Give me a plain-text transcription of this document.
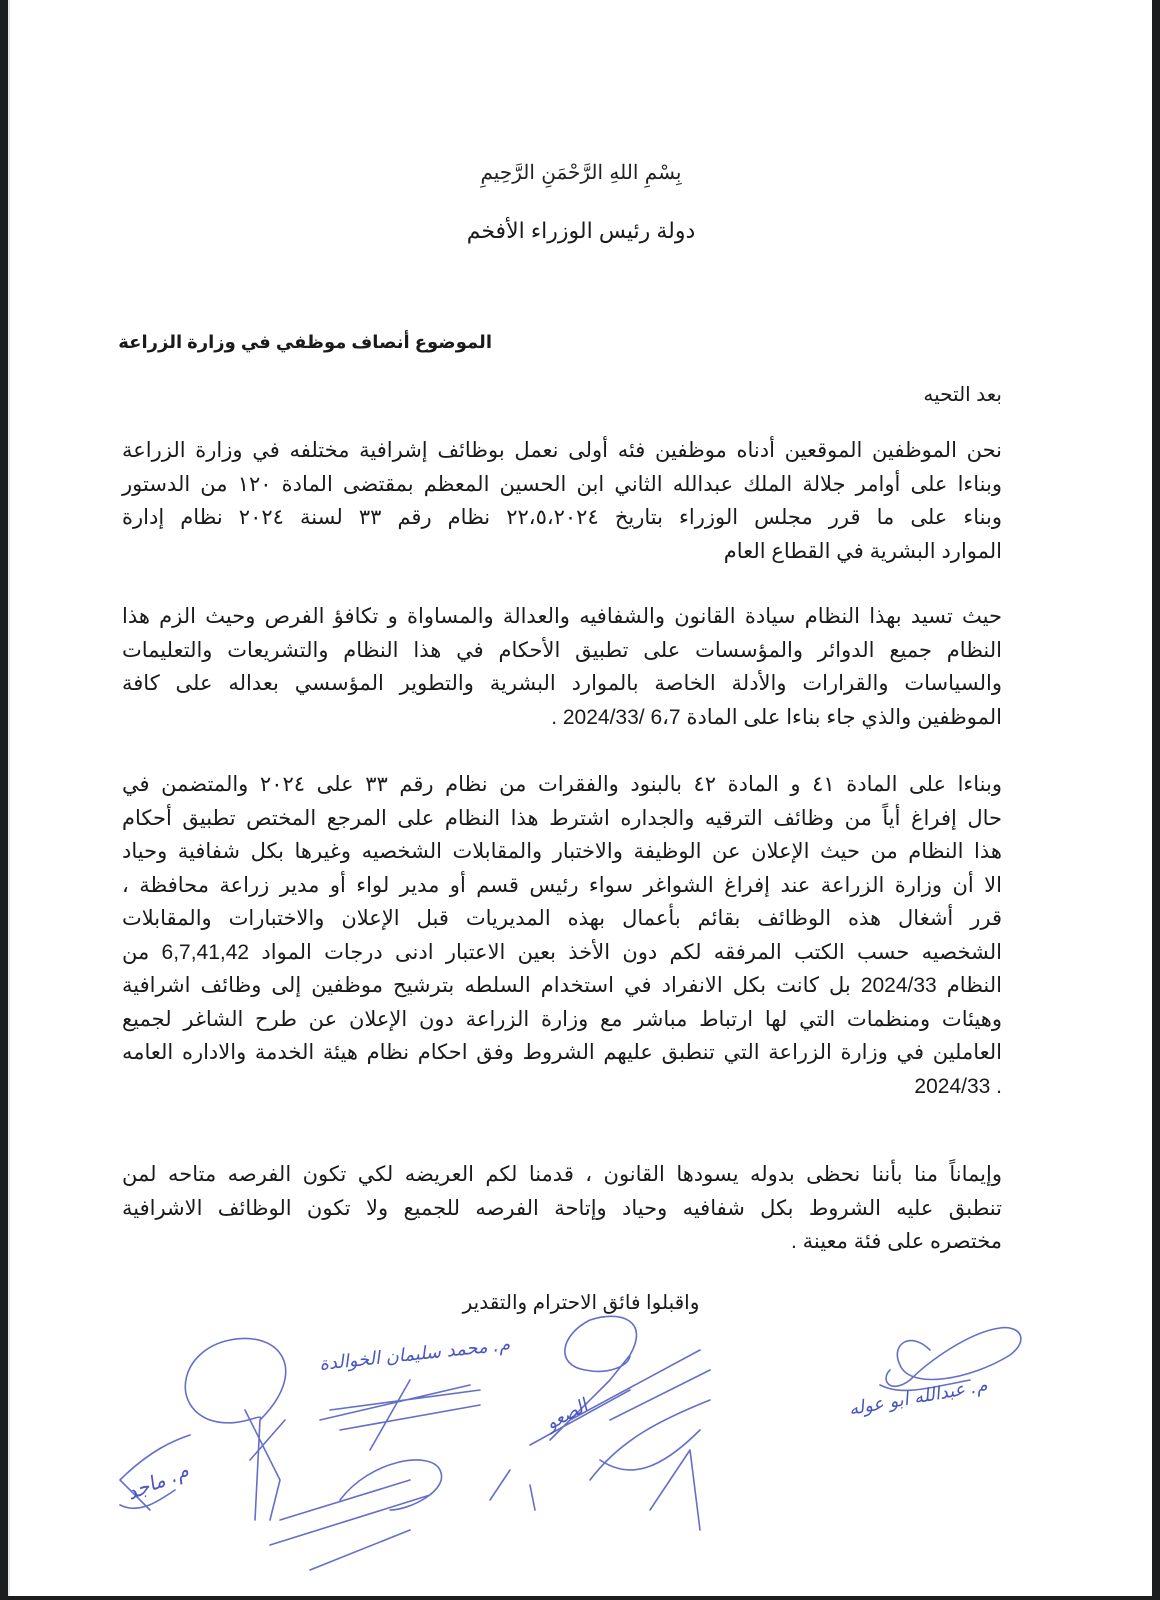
بِسْمِ اللهِ الرَّحْمَنِ الرَّحِيمِ
دولة رئيس الوزراء الأفخم
الموضوع أنصاف موظفي في وزارة الزراعة
بعد التحيه
نحن الموظفين الموقعين أدناه موظفين فئه أولى نعمل بوظائف إشرافية مختلفه في وزارة الزراعة
وبناءا على أوامر جلالة الملك عبدالله الثاني ابن الحسين المعظم بمقتضى المادة ١٢٠ من الدستور
وبناء على ما قرر مجلس الوزراء بتاريخ ٢٢،٥،٢٠٢٤ نظام رقم ٣٣ لسنة ٢٠٢٤ نظام إدارة
الموارد البشرية في القطاع العام
حيث تسيد بهذا النظام سيادة القانون والشفافيه والعدالة والمساواة و تكافؤ الفرص وحيث الزم هذا
النظام جميع الدوائر والمؤسسات على تطبيق الأحكام في هذا النظام والتشريعات والتعليمات
والسياسات والقرارات والأدلة الخاصة بالموارد البشرية والتطوير المؤسسي بعداله على كافة
الموظفين والذي جاء بناءا على المادة 6،7 /2024/33 .
وبناءا على المادة ٤١ و المادة ٤٢ بالبنود والفقرات من نظام رقم ٣٣ على ٢٠٢٤ والمتضمن في
حال إفراغ أياً من وظائف الترقيه والجداره اشترط هذا النظام على المرجع المختص تطبيق أحكام
هذا النظام من حيث الإعلان عن الوظيفة والاختبار والمقابلات الشخصيه وغيرها بكل شفافية وحياد
الا أن وزارة الزراعة عند إفراغ الشواغر سواء رئيس قسم أو مدير لواء أو مدير زراعة محافظة ،
قرر أشغال هذه الوظائف بقائم بأعمال بهذه المديريات قبل الإعلان والاختبارات والمقابلات
الشخصيه حسب الكتب المرفقه لكم دون الأخذ بعين الاعتبار ادنى درجات المواد 6,7,41,42 من
النظام 2024/33 بل كانت بكل الانفراد في استخدام السلطه بترشيح موظفين إلى وظائف اشرافية
وهيئات ومنظمات التي لها ارتباط مباشر مع وزارة الزراعة دون الإعلان عن طرح الشاغر لجميع
العاملين في وزارة الزراعة التي تنطبق عليهم الشروط وفق احكام نظام هيئة الخدمة والاداره العامه
. 2024/33
وإيماناً منا بأننا نحظى بدوله يسودها القانون ، قدمنا لكم العريضه لكي تكون الفرصه متاحه لمن
تنطبق عليه الشروط بكل شفافيه وحياد وإتاحة الفرصه للجميع ولا تكون الوظائف الاشرافية
مختصره على فئة معينة .
واقبلوا فائق الاحترام والتقدير
م. ماجد
م. محمد سليمان الخوالدة
الصعو	م. عبدالله ابو عوله
